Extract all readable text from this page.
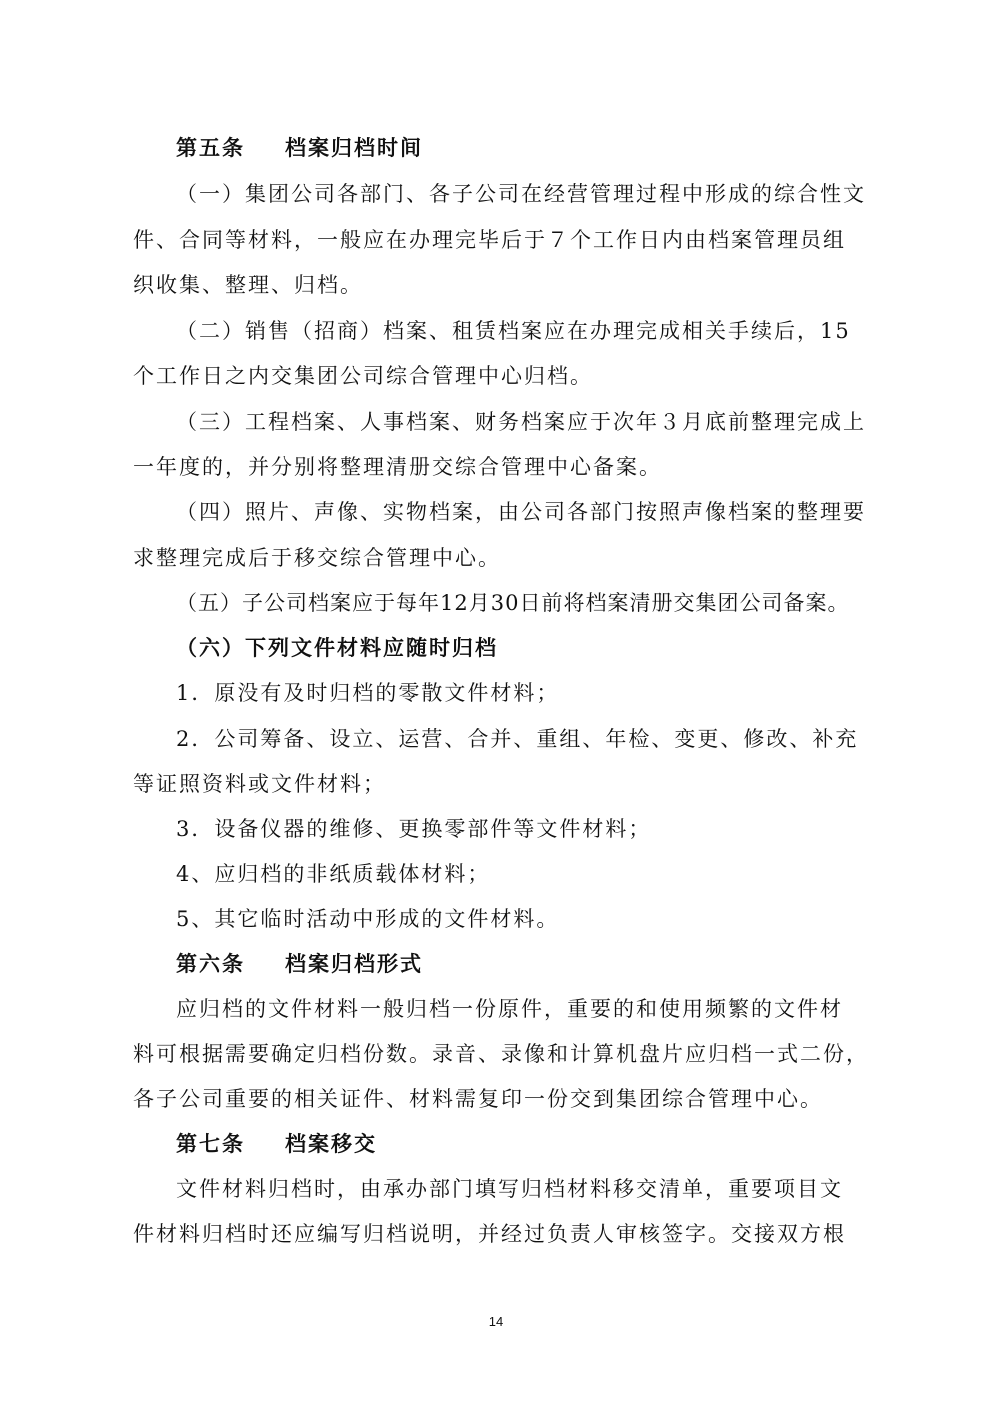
第五条 档案归档时间
（一）集团公司各部门、各子公司在经营管理过程中形成的综合性文
件、合同等材料，一般应在办理完毕后于７个工作日内由档案管理员组
织收集、整理、归档。
（二）销售（招商）档案、租赁档案应在办理完成相关手续后，15
个工作日之内交集团公司综合管理中心归档。
（三）工程档案、人事档案、财务档案应于次年３月底前整理完成上
一年度的，并分别将整理清册交综合管理中心备案。
（四）照片、声像、实物档案，由公司各部门按照声像档案的整理要
求整理完成后于移交综合管理中心。
（五）子公司档案应于每年12月30日前将档案清册交集团公司备案。
（六）下列文件材料应随时归档
1．原没有及时归档的零散文件材料；
2．公司筹备、设立、运营、合并、重组、年检、变更、修改、补充
等证照资料或文件材料；
3．设备仪器的维修、更换零部件等文件材料；
4、应归档的非纸质载体材料；
5、其它临时活动中形成的文件材料。
第六条 档案归档形式
应归档的文件材料一般归档一份原件，重要的和使用频繁的文件材
料可根据需要确定归档份数。录音、录像和计算机盘片应归档一式二份，
各子公司重要的相关证件、材料需复印一份交到集团综合管理中心。
第七条 档案移交
文件材料归档时，由承办部门填写归档材料移交清单，重要项目文
件材料归档时还应编写归档说明，并经过负责人审核签字。交接双方根
14
